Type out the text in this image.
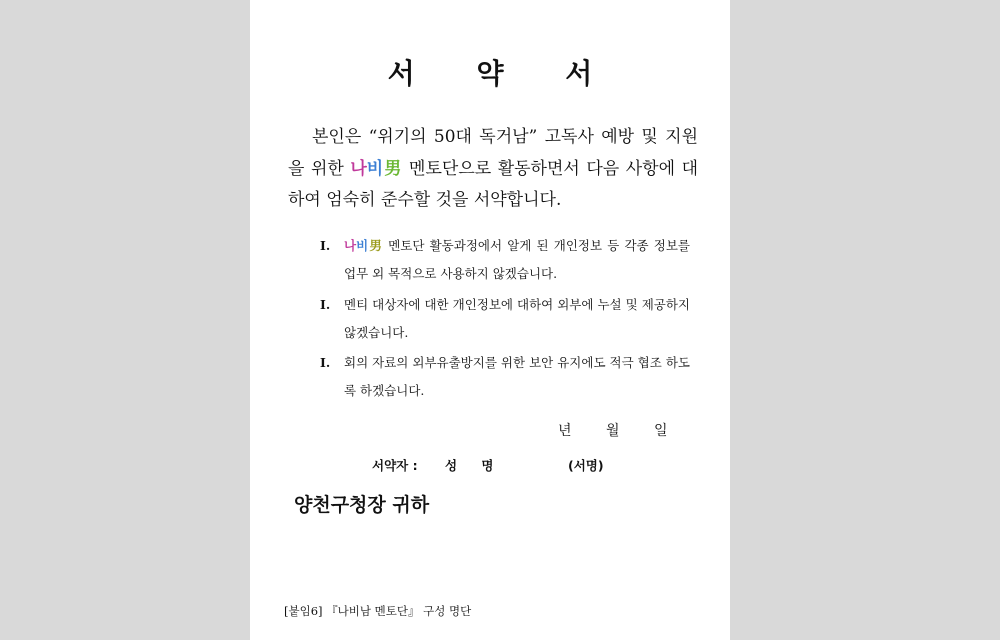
서 약 서
본인은 “위기의 50대 독거남” 고독사 예방 및 지원을 위한 나비男 멘토단으로 활동하면서 다음 사항에 대하여 엄숙히 준수할 것을 서약합니다.
Ⅰ.	나비男 멘토단 활동과정에서 알게 된 개인정보 등 각종 정보를 업무 외 목적으로 사용하지 않겠습니다.
Ⅰ.	멘티 대상자에 대한 개인정보에 대하여 외부에 누설 및 제공하지 않겠습니다.
Ⅰ.	회의 자료의 외부유출방지를 위한 보안 유지에도 적극 협조 하도록 하겠습니다.
년 월 일
서약자 : 성 명	(서명)
양천구청장 귀하
[붙임6] 『나비남 멘토단』 구성 명단
